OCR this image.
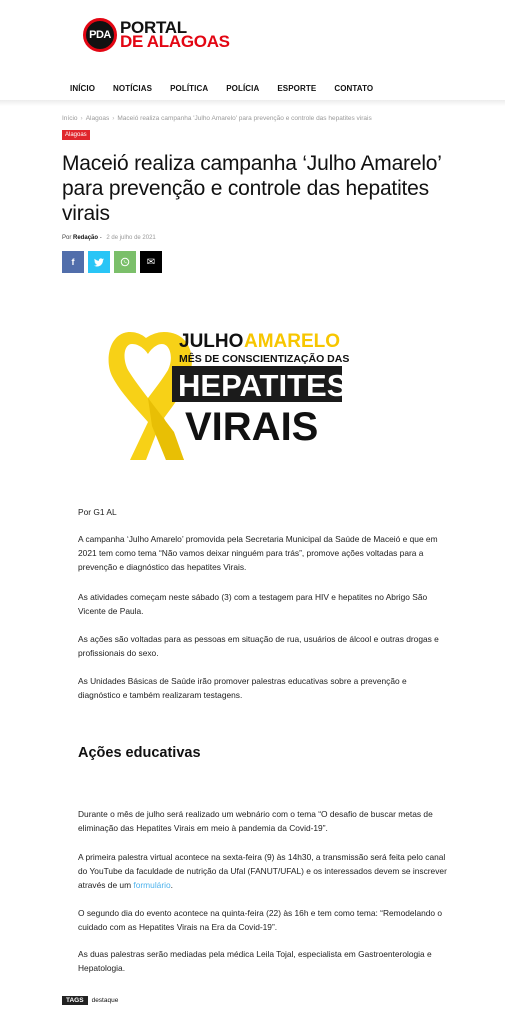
PDA PORTAL
DE ALAGOAS
INÍCIO	NOTÍCIAS	POLÍTICA	POLÍCIA	ESPORTE	CONTATO
Início › Alagoas › Maceió realiza campanha 'Julho Amarelo' para prevenção e controle das hepatites virais
Alagoas
Maceió realiza campanha ‘Julho Amarelo’ para prevenção e controle das hepatites virais
Por Redação - 2 de julho de 2021
f	✉
JULHO AMARELO
MÊS DE CONSCIENTIZAÇÃO DAS
HEPATITES
VIRAIS

Por G1 AL

A campanha ‘Julho Amarelo’ promovida pela Secretaria Municipal da Saúde de Maceió e que em 2021 tem como tema “Não vamos deixar ninguém para trás”, promove ações voltadas para a prevenção e diagnóstico das hepatites Virais.

As atividades começam neste sábado (3) com a testagem para HIV e hepatites no Abrigo São Vicente de Paula.

As ações são voltadas para as pessoas em situação de rua, usuários de álcool e outras drogas e profissionais do sexo.

As Unidades Básicas de Saúde irão promover palestras educativas sobre a prevenção e diagnóstico e também realizaram testagens.

Ações educativas

Durante o mês de julho será realizado um webnário com o tema “O desafio de buscar metas de eliminação das Hepatites Virais em meio à pandemia da Covid-19”.

A primeira palestra virtual acontece na sexta-feira (9) às 14h30, a transmissão será feita pelo canal do YouTube da faculdade de nutrição da Ufal (FANUT/UFAL) e os interessados devem se inscrever através de um formulário.

O segundo dia do evento acontece na quinta-feira (22) às 16h e tem como tema: “Remodelando o cuidado com as Hepatites Virais na Era da Covid-19”.

As duas palestras serão mediadas pela médica Leila Tojal, especialista em Gastroenterologia e Hepatologia.

TAGS	destaque
